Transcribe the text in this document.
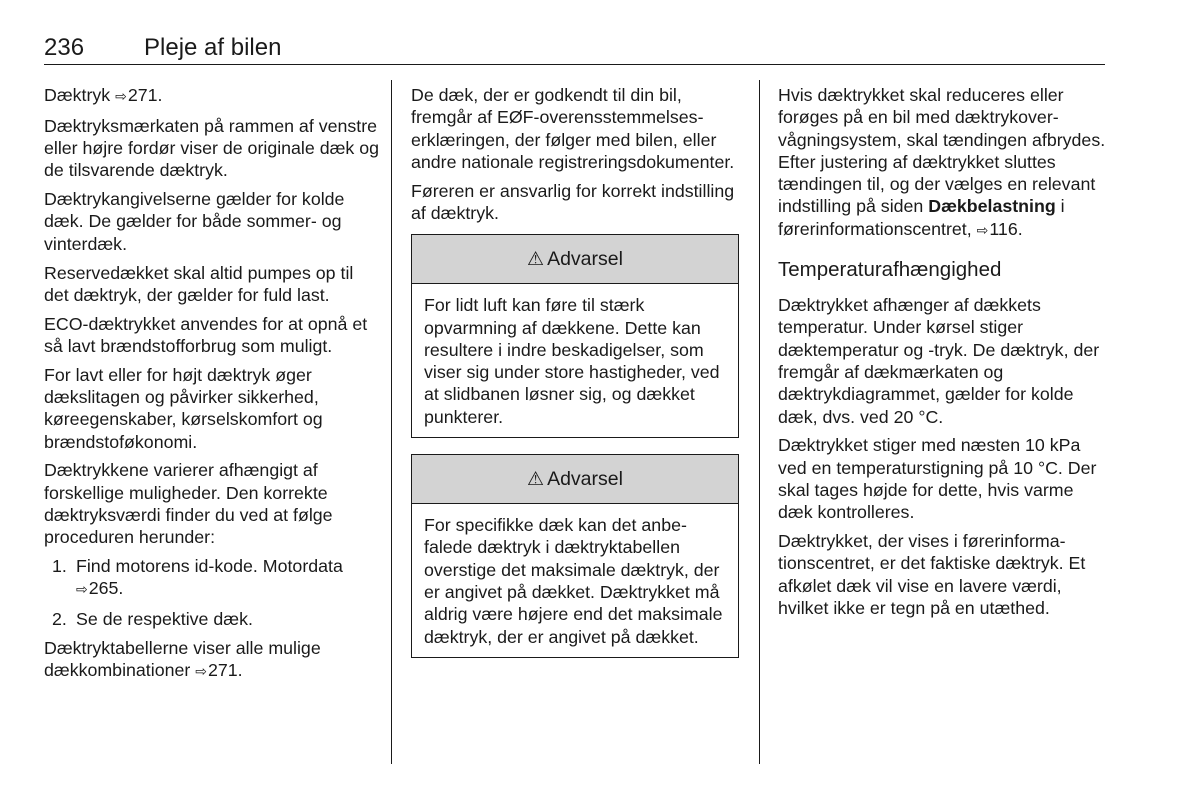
236 Pleje af bilen

Dæktryk ⇨ 271.

Dæktryksmærkaten på rammen af venstre eller højre fordør viser de originale dæk og de tilsvarende dæktryk.

Dæktrykangivelserne gælder for kolde dæk. De gælder for både sommer- og vinterdæk.

Reservedækket skal altid pumpes op til det dæktryk, der gælder for fuld last.

ECO-dæktrykket anvendes for at opnå et så lavt brændstofforbrug som muligt.

For lavt eller for højt dæktryk øger dækslitagen og påvirker sikkerhed, køreegenskaber, kørselskomfort og brændstoføkonomi.

Dæktrykkene varierer afhængigt af forskellige muligheder. Den korrekte dæktryksværdi finder du ved at følge proceduren herunder:

1. Find motorens id-kode. Motordata ⇨ 265.
2. Se de respektive dæk.

Dæktryktabellerne viser alle mulige dækkombinationer ⇨ 271.

De dæk, der er godkendt til din bil, fremgår af EØF-overensstemmelseserklæringen, der følger med bilen, eller andre nationale registreringsdokumenter.

Føreren er ansvarlig for korrekt indstilling af dæktryk.

⚠ Advarsel
For lidt luft kan føre til stærk opvarmning af dækkene. Dette kan resultere i indre beskadigelser, som viser sig under store hastigheder, ved at slidbanen løsner sig, og dækket punkterer.
⚠ Advarsel
For specifikke dæk kan det anbefalede dæktryk i dæktryktabellen overstige det maksimale dæktryk, der er angivet på dækket. Dæktrykket må aldrig være højere end det maksimale dæktryk, der er angivet på dækket.

Hvis dæktrykket skal reduceres eller forøges på en bil med dæktrykovervågningsystem, skal tændingen afbrydes. Efter justering af dæktrykket sluttes tændingen til, og der vælges en relevant indstilling på siden Dækbelastning i førerinformationscentret, ⇨ 116.

Temperaturafhængighed

Dæktrykket afhænger af dækkets temperatur. Under kørsel stiger dæktemperatur og -tryk. De dæktryk, der fremgår af dækmærkaten og dæktrykdiagrammet, gælder for kolde dæk, dvs. ved 20 °C.

Dæktrykket stiger med næsten 10 kPa ved en temperaturstigning på 10 °C. Der skal tages højde for dette, hvis varme dæk kontrolleres.

Dæktrykket, der vises i førerinformationscentret, er det faktiske dæktryk. Et afkølet dæk vil vise en lavere værdi, hvilket ikke er tegn på en utæthed.
